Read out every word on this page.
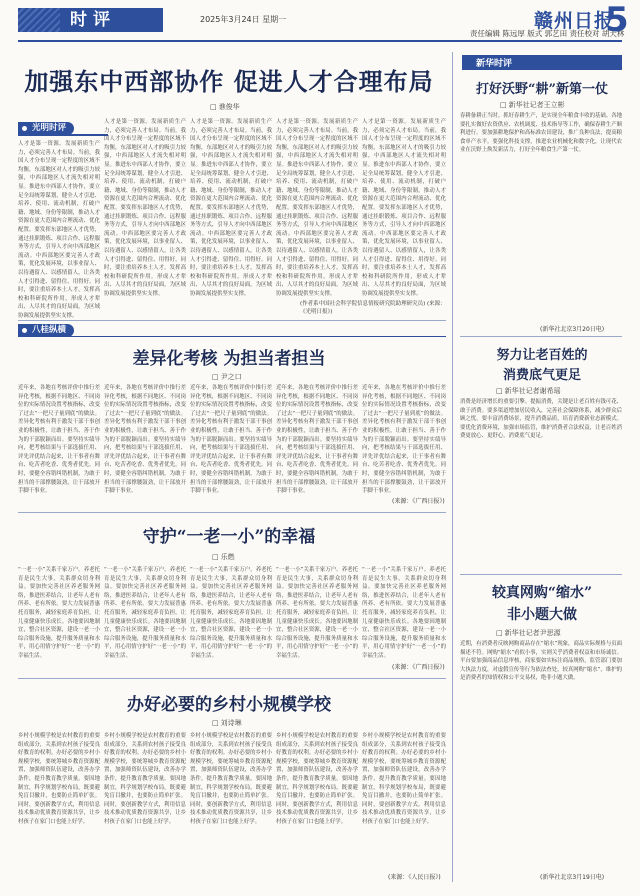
时评	2025年3月24日 星期一
责任编辑 陈远厚 版式 郭艺田 责任校对 胡天林
赣州日报
5
加强东中西部协作 促进人才合理布局
□ 谯俊华
光明时评
人才是第一资源。发展新质生产力，必须完善人才布局。当前，我国人才分布呈现一定程度的区域不均衡，东部地区对人才的吸引力较强，中西部地区人才流失相对明显。推进东中西部人才协作，要立足全局统筹谋划，健全人才引进、培养、使用、流动机制，打破户籍、地域、身份等限制，推动人才资源在更大范围内合理流动、优化配置。要发挥东部地区人才优势，通过挂职锻炼、项目合作、远程服务等方式，引导人才向中西部地区流动。中西部地区要完善人才政策，优化发展环境，以事业留人、以待遇留人、以感情留人，让各类人才引得进、留得住、用得好。同时，要注重培养本土人才，发挥高校和科研院所作用，形成人才辈出、人尽其才的良好局面，为区域协调发展提供坚实支撑。
人才是第一资源。发展新质生产力，必须完善人才布局。当前，我国人才分布呈现一定程度的区域不均衡，东部地区对人才的吸引力较强，中西部地区人才流失相对明显。推进东中西部人才协作，要立足全局统筹谋划，健全人才引进、培养、使用、流动机制，打破户籍、地域、身份等限制，推动人才资源在更大范围内合理流动、优化配置。要发挥东部地区人才优势，通过挂职锻炼、项目合作、远程服务等方式，引导人才向中西部地区流动。中西部地区要完善人才政策，优化发展环境，以事业留人、以待遇留人、以感情留人，让各类人才引得进、留得住、用得好。同时，要注重培养本土人才，发挥高校和科研院所作用，形成人才辈出、人尽其才的良好局面，为区域协调发展提供坚实支撑。
人才是第一资源。发展新质生产力，必须完善人才布局。当前，我国人才分布呈现一定程度的区域不均衡，东部地区对人才的吸引力较强，中西部地区人才流失相对明显。推进东中西部人才协作，要立足全局统筹谋划，健全人才引进、培养、使用、流动机制，打破户籍、地域、身份等限制，推动人才资源在更大范围内合理流动、优化配置。要发挥东部地区人才优势，通过挂职锻炼、项目合作、远程服务等方式，引导人才向中西部地区流动。中西部地区要完善人才政策，优化发展环境，以事业留人、以待遇留人、以感情留人，让各类人才引得进、留得住、用得好。同时，要注重培养本土人才，发挥高校和科研院所作用，形成人才辈出、人尽其才的良好局面，为区域协调发展提供坚实支撑。
人才是第一资源。发展新质生产力，必须完善人才布局。当前，我国人才分布呈现一定程度的区域不均衡，东部地区对人才的吸引力较强，中西部地区人才流失相对明显。推进东中西部人才协作，要立足全局统筹谋划，健全人才引进、培养、使用、流动机制，打破户籍、地域、身份等限制，推动人才资源在更大范围内合理流动、优化配置。要发挥东部地区人才优势，通过挂职锻炼、项目合作、远程服务等方式，引导人才向中西部地区流动。中西部地区要完善人才政策，优化发展环境，以事业留人、以待遇留人、以感情留人，让各类人才引得进、留得住、用得好。同时，要注重培养本土人才，发挥高校和科研院所作用，形成人才辈出、人尽其才的良好局面，为区域协调发展提供坚实支撑。
人才是第一资源。发展新质生产力，必须完善人才布局。当前，我国人才分布呈现一定程度的区域不均衡，东部地区对人才的吸引力较强，中西部地区人才流失相对明显。推进东中西部人才协作，要立足全局统筹谋划，健全人才引进、培养、使用、流动机制，打破户籍、地域、身份等限制，推动人才资源在更大范围内合理流动、优化配置。要发挥东部地区人才优势，通过挂职锻炼、项目合作、远程服务等方式，引导人才向中西部地区流动。中西部地区要完善人才政策，优化发展环境，以事业留人、以待遇留人、以感情留人，让各类人才引得进、留得住、用得好。同时，要注重培养本土人才，发挥高校和科研院所作用，形成人才辈出、人尽其才的良好局面，为区域协调发展提供坚实支撑。
(作者系中国社会科学院信息情报研究院助理研究员) (来源：《光明日报》)
八桂纵横
差异化考核 为担当者担当
□ 尹之口
近年来，各地在考核评价中推行差异化考核，根据不同地区、不同岗位的实际情况设置考核指标，改变了过去“一把尺子量到底”的做法。差异化考核有利于激发干部干事创业的积极性，让敢于担当、善于作为的干部脱颖而出。要坚持实绩导向，把考核结果与干部选拔任用、评先评优结合起来，让干事者有舞台、吃苦者吃香、优秀者优先。同时，要健全容错纠错机制，为敢于担当的干部撑腰鼓劲，让干部放开手脚干事业。
近年来，各地在考核评价中推行差异化考核，根据不同地区、不同岗位的实际情况设置考核指标，改变了过去“一把尺子量到底”的做法。差异化考核有利于激发干部干事创业的积极性，让敢于担当、善于作为的干部脱颖而出。要坚持实绩导向，把考核结果与干部选拔任用、评先评优结合起来，让干事者有舞台、吃苦者吃香、优秀者优先。同时，要健全容错纠错机制，为敢于担当的干部撑腰鼓劲，让干部放开手脚干事业。
近年来，各地在考核评价中推行差异化考核，根据不同地区、不同岗位的实际情况设置考核指标，改变了过去“一把尺子量到底”的做法。差异化考核有利于激发干部干事创业的积极性，让敢于担当、善于作为的干部脱颖而出。要坚持实绩导向，把考核结果与干部选拔任用、评先评优结合起来，让干事者有舞台、吃苦者吃香、优秀者优先。同时，要健全容错纠错机制，为敢于担当的干部撑腰鼓劲，让干部放开手脚干事业。
近年来，各地在考核评价中推行差异化考核，根据不同地区、不同岗位的实际情况设置考核指标，改变了过去“一把尺子量到底”的做法。差异化考核有利于激发干部干事创业的积极性，让敢于担当、善于作为的干部脱颖而出。要坚持实绩导向，把考核结果与干部选拔任用、评先评优结合起来，让干事者有舞台、吃苦者吃香、优秀者优先。同时，要健全容错纠错机制，为敢于担当的干部撑腰鼓劲，让干部放开手脚干事业。
近年来，各地在考核评价中推行差异化考核，根据不同地区、不同岗位的实际情况设置考核指标，改变了过去“一把尺子量到底”的做法。差异化考核有利于激发干部干事创业的积极性，让敢于担当、善于作为的干部脱颖而出。要坚持实绩导向，把考核结果与干部选拔任用、评先评优结合起来，让干事者有舞台、吃苦者吃香、优秀者优先。同时，要健全容错纠错机制，为敢于担当的干部撑腰鼓劲，让干部放开手脚干事业。
(来源：《广西日报》)
守护“一老一小”的幸福
□ 乐燃
“一老一小”关系千家万户。养老托育是民生大事，关系群众切身利益。要加快完善社区养老服务网络，推进医养结合，让老年人老有所养、老有所依。要大力发展普惠托育服务，减轻家庭养育负担，让儿童健康快乐成长。各地要因地制宜，整合社区资源，建设一老一小综合服务设施，提升服务质量和水平，用心用情守护好“一老一小”的幸福生活。
“一老一小”关系千家万户。养老托育是民生大事，关系群众切身利益。要加快完善社区养老服务网络，推进医养结合，让老年人老有所养、老有所依。要大力发展普惠托育服务，减轻家庭养育负担，让儿童健康快乐成长。各地要因地制宜，整合社区资源，建设一老一小综合服务设施，提升服务质量和水平，用心用情守护好“一老一小”的幸福生活。
“一老一小”关系千家万户。养老托育是民生大事，关系群众切身利益。要加快完善社区养老服务网络，推进医养结合，让老年人老有所养、老有所依。要大力发展普惠托育服务，减轻家庭养育负担，让儿童健康快乐成长。各地要因地制宜，整合社区资源，建设一老一小综合服务设施，提升服务质量和水平，用心用情守护好“一老一小”的幸福生活。
“一老一小”关系千家万户。养老托育是民生大事，关系群众切身利益。要加快完善社区养老服务网络，推进医养结合，让老年人老有所养、老有所依。要大力发展普惠托育服务，减轻家庭养育负担，让儿童健康快乐成长。各地要因地制宜，整合社区资源，建设一老一小综合服务设施，提升服务质量和水平，用心用情守护好“一老一小”的幸福生活。
“一老一小”关系千家万户。养老托育是民生大事，关系群众切身利益。要加快完善社区养老服务网络，推进医养结合，让老年人老有所养、老有所依。要大力发展普惠托育服务，减轻家庭养育负担，让儿童健康快乐成长。各地要因地制宜，整合社区资源，建设一老一小综合服务设施，提升服务质量和水平，用心用情守护好“一老一小”的幸福生活。
(来源：《广西日报》)
办好必要的乡村小规模学校
□ 刘诗琳
乡村小规模学校是农村教育的重要组成部分，关系到农村孩子接受良好教育的权利。办好必要的乡村小规模学校，要统筹城乡教育资源配置，加强师资队伍建设，改善办学条件，提升教育教学质量。要因地制宜，科学规划学校布局，既要避免盲目撤并，也要防止简单扩张。同时，要创新教学方式，利用信息技术推动优质教育资源共享，让乡村孩子在家门口也能上好学。
乡村小规模学校是农村教育的重要组成部分，关系到农村孩子接受良好教育的权利。办好必要的乡村小规模学校，要统筹城乡教育资源配置，加强师资队伍建设，改善办学条件，提升教育教学质量。要因地制宜，科学规划学校布局，既要避免盲目撤并，也要防止简单扩张。同时，要创新教学方式，利用信息技术推动优质教育资源共享，让乡村孩子在家门口也能上好学。
乡村小规模学校是农村教育的重要组成部分，关系到农村孩子接受良好教育的权利。办好必要的乡村小规模学校，要统筹城乡教育资源配置，加强师资队伍建设，改善办学条件，提升教育教学质量。要因地制宜，科学规划学校布局，既要避免盲目撤并，也要防止简单扩张。同时，要创新教学方式，利用信息技术推动优质教育资源共享，让乡村孩子在家门口也能上好学。
乡村小规模学校是农村教育的重要组成部分，关系到农村孩子接受良好教育的权利。办好必要的乡村小规模学校，要统筹城乡教育资源配置，加强师资队伍建设，改善办学条件，提升教育教学质量。要因地制宜，科学规划学校布局，既要避免盲目撤并，也要防止简单扩张。同时，要创新教学方式，利用信息技术推动优质教育资源共享，让乡村孩子在家门口也能上好学。
乡村小规模学校是农村教育的重要组成部分，关系到农村孩子接受良好教育的权利。办好必要的乡村小规模学校，要统筹城乡教育资源配置，加强师资队伍建设，改善办学条件，提升教育教学质量。要因地制宜，科学规划学校布局，既要避免盲目撤并，也要防止简单扩张。同时，要创新教学方式，利用信息技术推动优质教育资源共享，让乡村孩子在家门口也能上好学。
(来源：《人民日报》)
新华时评
打好沃野“耕”新第一仗
□ 新华社记者王立彬
春耕备耕正当时。抓好春耕生产，是实现全年粮食丰收的基础。各地要扎实做好农资供应、农机调度、技术指导等工作，确保春耕生产顺利进行。要加强耕地保护和高标准农田建设，推广良种良法，提高粮食单产水平。要强化科技支撑，推进农业机械化和数字化，让现代农业在沃野上焕发新活力，打好全年粮食生产第一仗。
(新华社北京3月20日电)
努力让老百姓的
消费底气更足
□ 新华社记者谢希瑶
消费是经济增长的重要引擎。提振消费，关键是让老百姓有钱可花、敢于消费。要多渠道增加居民收入，完善社会保障体系，减少群众后顾之忧。要丰富消费场景，提升消费品质，培育消费新业态新模式。要优化消费环境，加强市场监管，维护消费者合法权益，让老百姓消费更放心、更舒心，消费底气更足。
较真网购“缩水”
非小题大做
□ 新华社记者尹思源
近期，有消费者反映网购商品存在“缩水”现象，商品实际规格与页面描述不符。网购“缩水”看似小事，实则关乎消费者权益和市场诚信。平台要加强商品信息审核，商家要如实标注商品规格，监管部门要加大执法力度，对虚假宣传等行为依法查处。较真网购“缩水”，维护的是消费者的知情权和公平交易权，绝非小题大做。
(新华社北京3月19日电)
